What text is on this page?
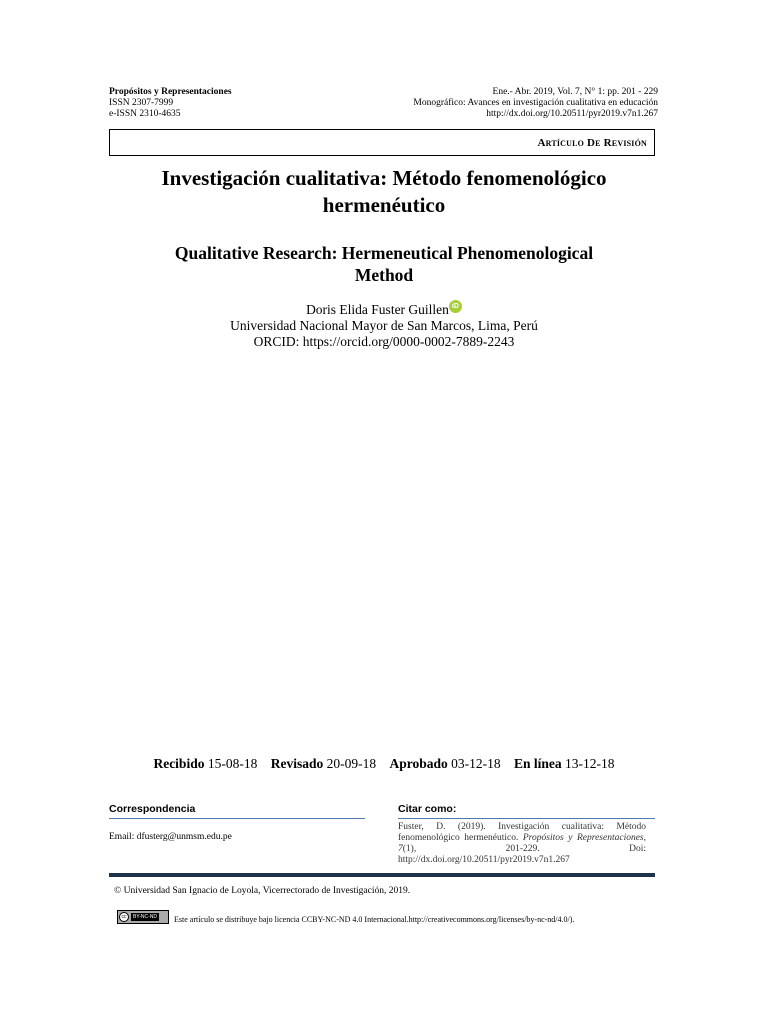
Propósitos y Representaciones
ISSN 2307-7999
e-ISSN 2310-4635
Ene.- Abr. 2019, Vol. 7, N° 1: pp. 201 - 229
Monográfico: Avances en investigación cualitativa en educación
http://dx.doi.org/10.20511/pyr2019.v7n1.267
Artículo De Revisión
Investigación cualitativa: Método fenomenológico
hermenéutico
Qualitative Research: Hermeneutical Phenomenological
Method
Doris Elida Fuster Guillen iD
Universidad Nacional Mayor de San Marcos, Lima, Perú
ORCID: https://orcid.org/0000-0002-7889-2243
Recibido 15-08-18 Revisado 20-09-18 Aprobado 03-12-18 En línea 13-12-18
Correspondencia	Citar como:
Email: dfusterg@unmsm.edu.pe
Fuster, D. (2019). Investigación cualitativa: Método fenomenológico hermenéutico. Propósitos y Representaciones, 7(1), 201-229. Doi: http://dx.doi.org/10.20511/pyr2019.v7n1.267
© Universidad San Ignacio de Loyola, Vicerrectorado de Investigación, 2019.
cc	BY-NC-ND Este artículo se distribuye bajo licencia CCBY-NC-ND 4.0 Internacional.http://creativecommons.org/licenses/by-nc-nd/4.0/).
